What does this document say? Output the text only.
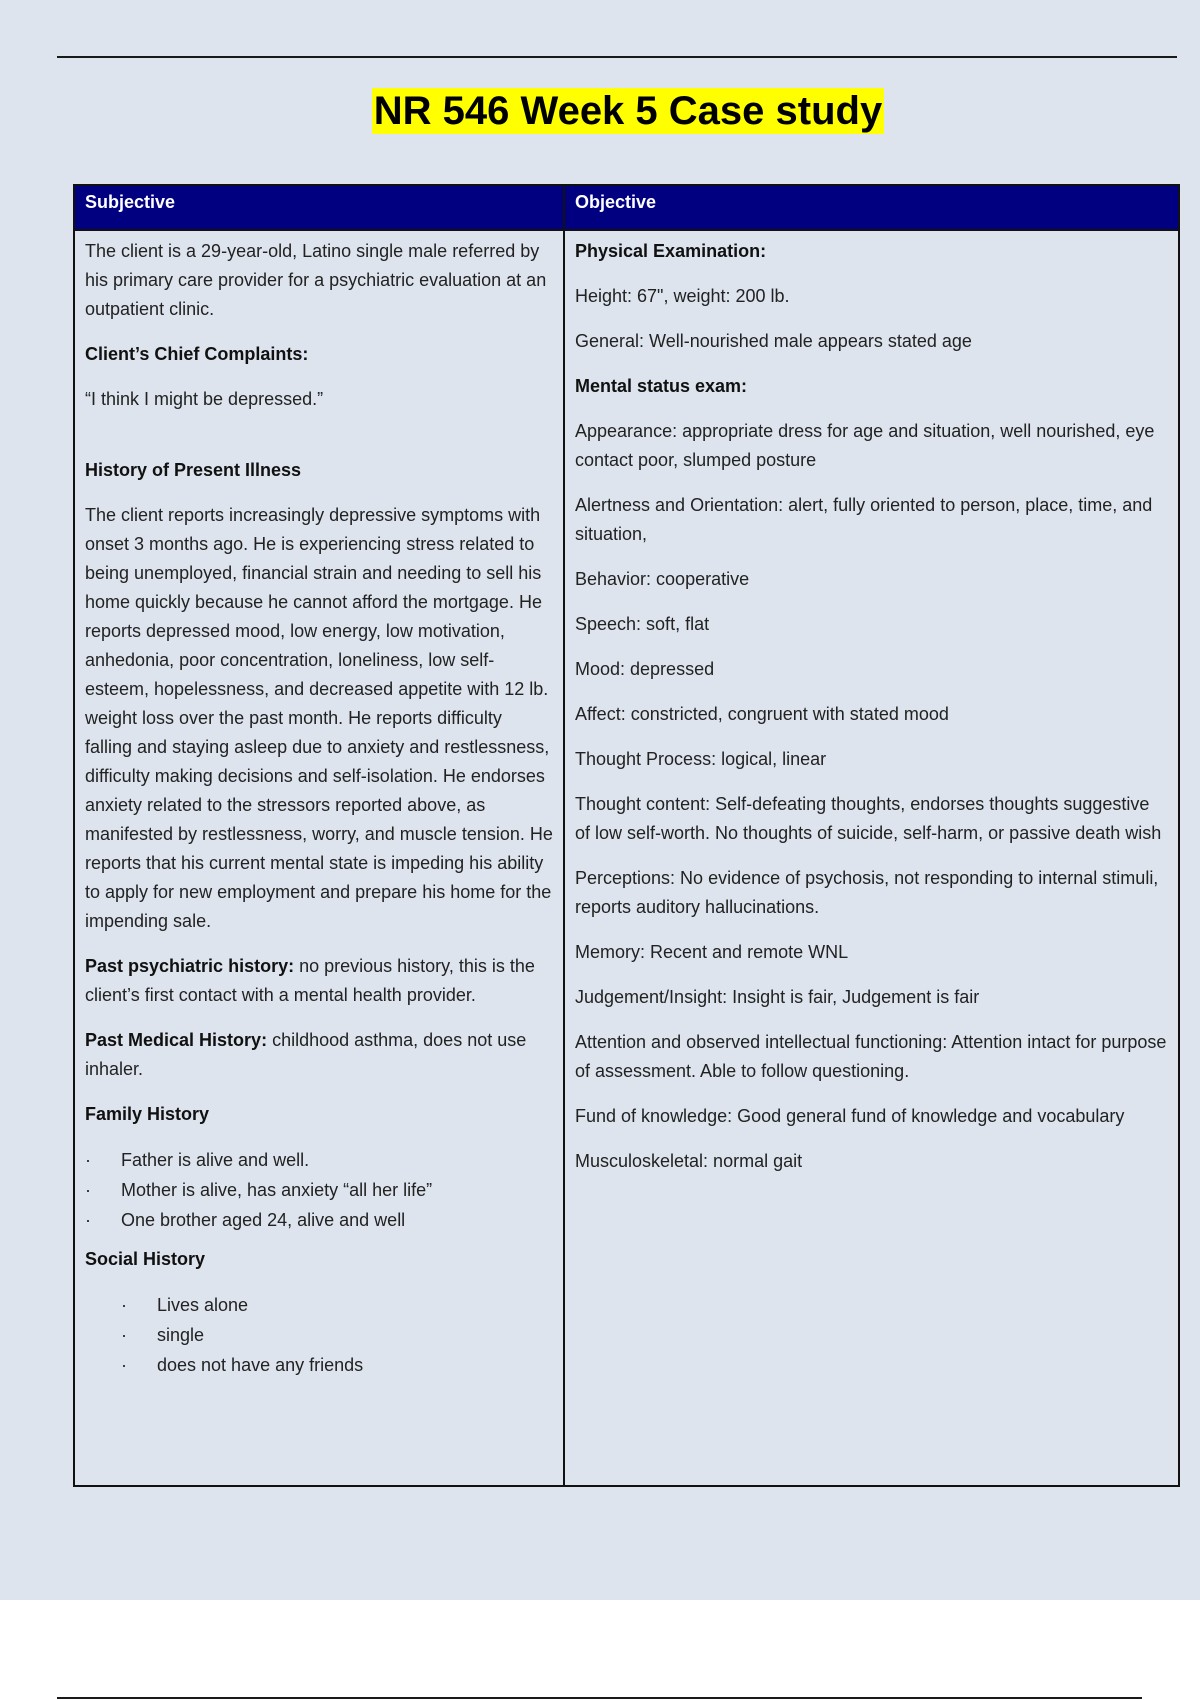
NR 546 Week 5 Case study
Subjective

The client is a 29-year-old, Latino single male referred by his primary care provider for a psychiatric evaluation at an outpatient clinic.

Client’s Chief Complaints:

“I think I might be depressed.”

History of Present Illness

The client reports increasingly depressive symptoms with onset 3 months ago. He is experiencing stress related to being unemployed, financial strain and needing to sell his home quickly because he cannot afford the mortgage. He reports depressed mood, low energy, low motivation, anhedonia, poor concentration, loneliness, low self-esteem, hopelessness, and decreased appetite with 12 lb. weight loss over the past month. He reports difficulty falling and staying asleep due to anxiety and restlessness, difficulty making decisions and self-isolation. He endorses anxiety related to the stressors reported above, as manifested by restlessness, worry, and muscle tension. He reports that his current mental state is impeding his ability to apply for new employment and prepare his home for the impending sale.

Past psychiatric history: no previous history, this is the client’s first contact with a mental health provider.

Past Medical History: childhood asthma, does not use inhaler.

Family History

· Father is alive and well.
· Mother is alive, has anxiety “all her life”
· One brother aged 24, alive and well

Social History

· Lives alone
· single
· does not have any friends
Objective

Physical Examination:

Height: 67", weight: 200 lb.

General: Well-nourished male appears stated age

Mental status exam:

Appearance: appropriate dress for age and situation, well nourished, eye contact poor, slumped posture

Alertness and Orientation: alert, fully oriented to person, place, time, and situation,

Behavior: cooperative

Speech: soft, flat

Mood: depressed

Affect: constricted, congruent with stated mood

Thought Process: logical, linear

Thought content: Self-defeating thoughts, endorses thoughts suggestive of low self-worth. No thoughts of suicide, self-harm, or passive death wish

Perceptions: No evidence of psychosis, not responding to internal stimuli, reports auditory hallucinations.

Memory: Recent and remote WNL

Judgement/Insight: Insight is fair, Judgement is fair

Attention and observed intellectual functioning: Attention intact for purpose of assessment. Able to follow questioning.

Fund of knowledge: Good general fund of knowledge and vocabulary

Musculoskeletal: normal gait
